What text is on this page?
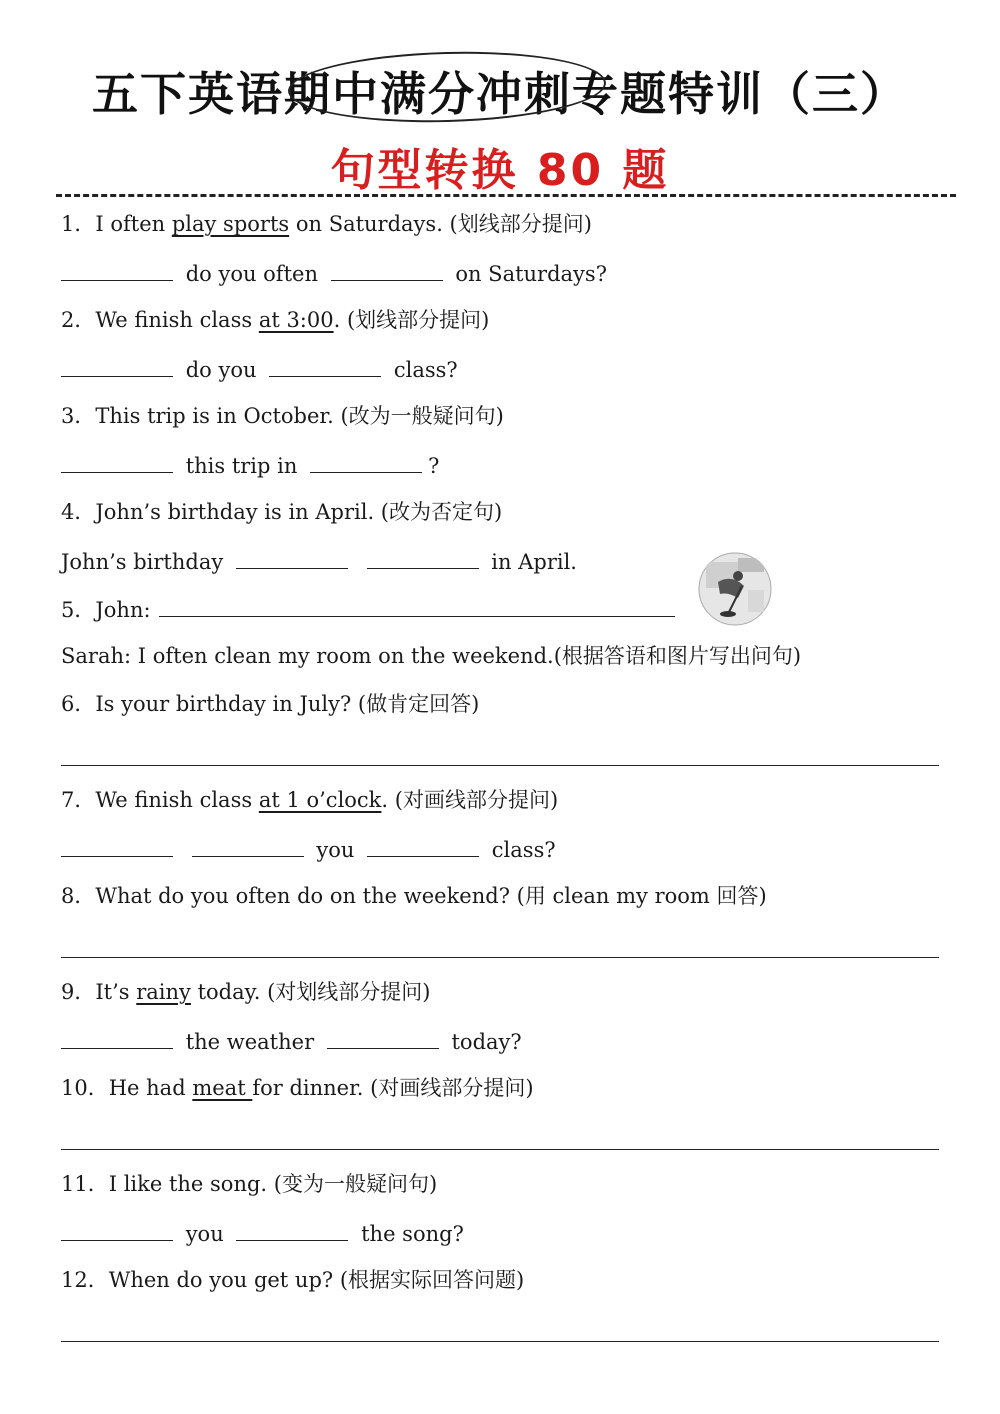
五下英语期中满分冲刺专题特训（三）
句型转换 80 题
1．I often play sports on Saturdays. (划线部分提问)
do you often	on Saturdays?
2．We finish class at 3:00. (划线部分提问)
do you	class?
3．This trip is in October. (改为一般疑问句)
this trip in	?
4．John’s birthday is in April. (改为否定句)
John’s birthday	in April.
5．John:
Sarah: I often clean my room on the weekend.(根据答语和图片写出问句)
6．Is your birthday in July? (做肯定回答)
7．We finish class at 1 o’clock. (对画线部分提问)
you	class?
8．What do you often do on the weekend? (用 clean my room 回答)
9．It’s rainy today. (对划线部分提问)
the weather	today?
10．He had meat for dinner. (对画线部分提问)
11．I like the song. (变为一般疑问句)
you	the song?
12．When do you get up? (根据实际回答问题)
